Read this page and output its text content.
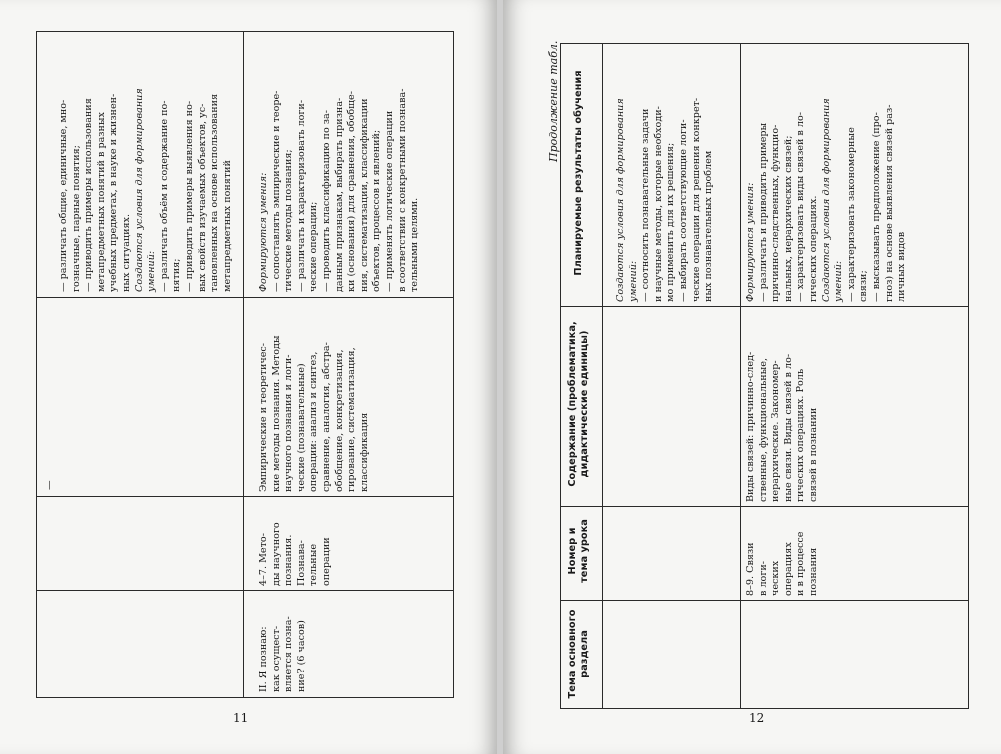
— различать общие, единичные, мно- гозначные, парные понятия; — приводить примеры использования метапредметных понятий в разных учебных предметах, в науке и жизнен- ных ситуациях. Создаются условия для формирования умений: — различать объём и содержание по- нятия; — приводить примеры выявления но- вых свойств изучаемых объектов, ус- тановленных на основе использования метапредметных понятий
—
Формируются умения: — сопоставлять эмпирические и теоре- тические методы познания; — различать и характеризовать логи- ческие операции; — проводить классификацию по за- данным признакам, выбирать призна- ки (основания) для сравнения, обобще- ния, систематизации, классификации объектов, процессов и явлений; — применять логические операции в соответствии с конкретными познава- тельными целями.
Эмпирические и теоретичес- кие методы познания. Методы научного познания и логи- ческие (познавательные) операции: анализ и синтез, сравнение, аналогия, абстра- обобщение, конкретизация, гирование, систематизация, классификация
4–7. Мето- ды научного познания. Познава- тельные операции
II. Я познаю: как осущест- вляется позна- ние? (6 часов)
11
Продолжение табл. Планируемые результаты обучения
Содержание (проблематика, дидактические единицы)
Номер и тема урока
Тема основного раздела
Создаются условия для формирования умений: — соотносить познавательные задачи и научные методы, которые необходи- мо применить для их решения; — выбирать соответствующие логи- ческие операции для решения конкрет- ных познавательных проблем	Формируются умения: — различать и приводить примеры причинно-следственных, функцио- нальных, иерархических связей; — характеризовать виды связей в ло- гических операциях. Создаются условия для формирования умений: — характеризовать закономерные связи; — высказывать предположение (про- гноз) на основе выявления связей раз- личных видов
Виды связей: причинно-след- ственные, функциональные, иерархические. Закономер- ные связи. Виды связей в ло- гических операциях. Роль связей в познании
8–9. Связи в логи- ческих операциях и в процессе познания
12
